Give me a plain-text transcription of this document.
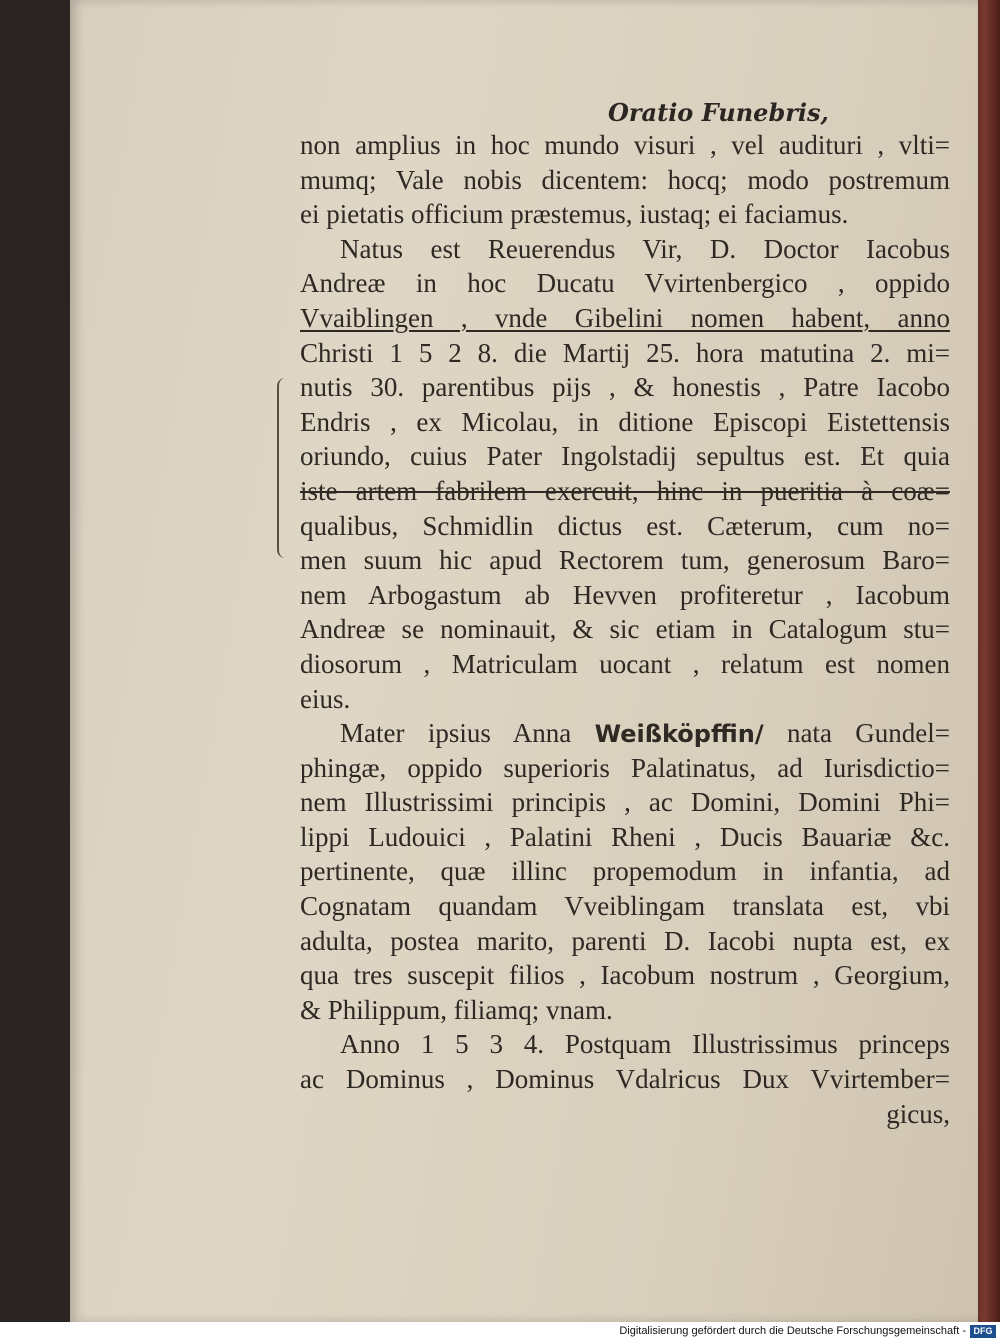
Oratio Funebris,
non amplius in hoc mundo visuri , vel audituri , vlti=
mumq; Vale nobis dicentem: hocq; modo postremum
ei pietatis officium præstemus, iustaq; ei faciamus.
Natus est Reuerendus Vir, D. Doctor Iacobus
Andreæ in hoc Ducatu Vvirtenbergico , oppido
Vvaiblingen , vnde Gibelini nomen habent, anno
Christi 1 5 2 8. die Martij 25. hora matutina 2. mi=
nutis 30. parentibus pijs , & honestis , Patre Iacobo
Endris , ex Micolau, in ditione Episcopi Eistettensis
oriundo, cuius Pater Ingolstadij sepultus est. Et quia
iste artem fabrilem exercuit, hinc in pueritia à coæ=
qualibus, Schmidlin dictus est. Cæterum, cum no=
men suum hic apud Rectorem tum, generosum Baro=
nem Arbogastum ab Hevven profiteretur , Iacobum
Andreæ se nominauit, & sic etiam in Catalogum stu=
diosorum , Matriculam uocant , relatum est nomen
eius.
Mater ipsius Anna Weißköpffin/ nata Gundel=
phingæ, oppido superioris Palatinatus, ad Iurisdictio=
nem Illustrissimi principis , ac Domini, Domini Phi=
lippi Ludouici , Palatini Rheni , Ducis Bauariæ &c.
pertinente, quæ illinc propemodum in infantia, ad
Cognatam quandam Vveiblingam translata est, vbi
adulta, postea marito, parenti D. Iacobi nupta est, ex
qua tres suscepit filios , Iacobum nostrum , Georgium,
& Philippum, filiamq; vnam.
Anno 1 5 3 4. Postquam Illustrissimus princeps
ac Dominus , Dominus Vdalricus Dux Vvirtember=
gicus,
Digitalisierung gefördert durch die Deutsche Forschungsgemeinschaft - DFG
